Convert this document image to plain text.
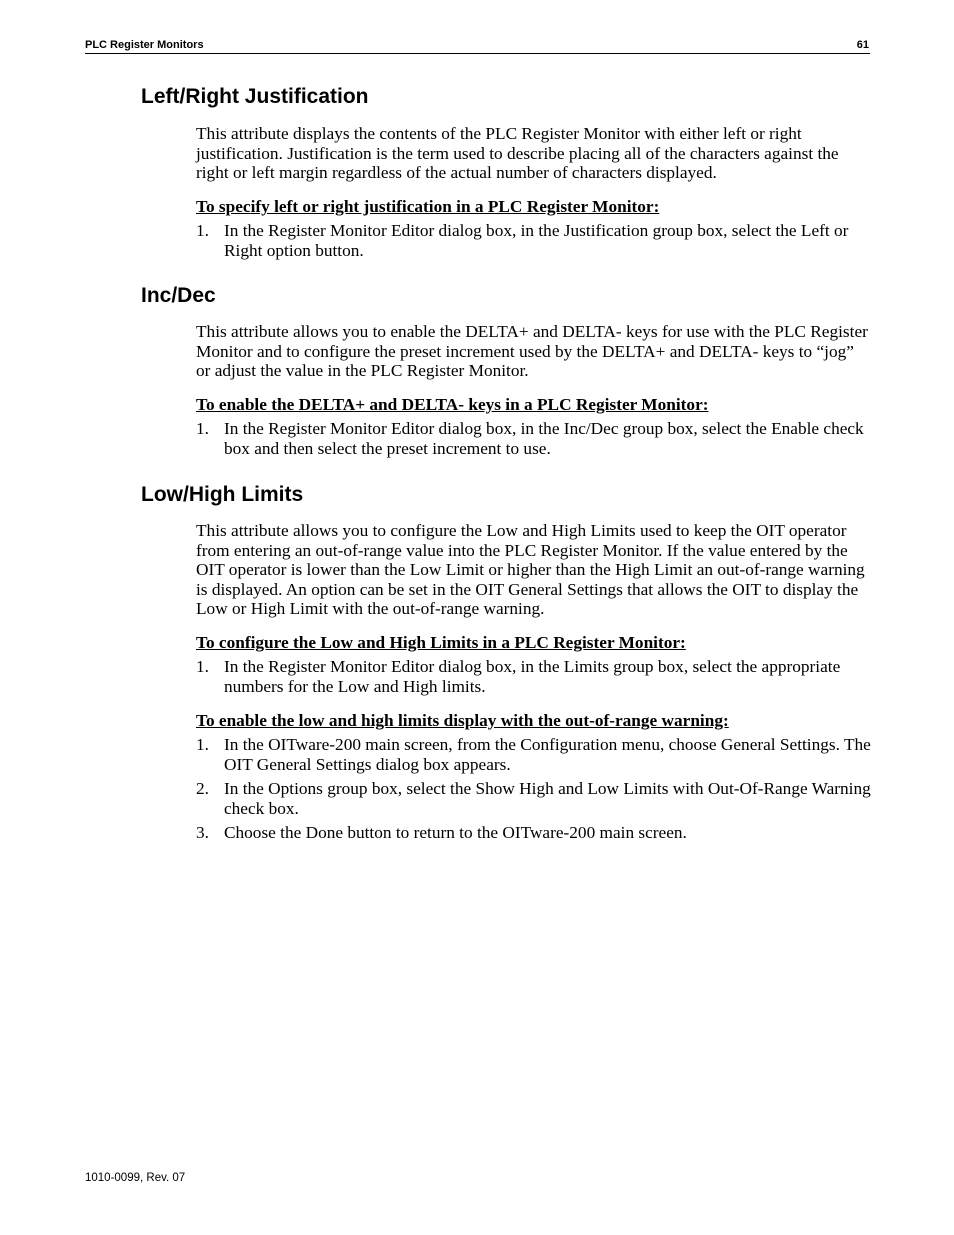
PLC Register Monitors	61
Left/Right Justification

This attribute displays the contents of the PLC Register Monitor with either left or right justification. Justification is the term used to describe placing all of the characters against the right or left margin regardless of the actual number of characters displayed.

To specify left or right justification in a PLC Register Monitor:
1. In the Register Monitor Editor dialog box, in the Justification group box, select the Left or Right option button.
Inc/Dec

This attribute allows you to enable the DELTA+ and DELTA- keys for use with the PLC Register Monitor and to configure the preset increment used by the DELTA+ and DELTA- keys to “jog” or adjust the value in the PLC Register Monitor.

To enable the DELTA+ and DELTA- keys in a PLC Register Monitor:
1. In the Register Monitor Editor dialog box, in the Inc/Dec group box, select the Enable check box and then select the preset increment to use.
Low/High Limits

This attribute allows you to configure the Low and High Limits used to keep the OIT operator from entering an out-of-range value into the PLC Register Monitor. If the value entered by the OIT operator is lower than the Low Limit or higher than the High Limit an out-of-range warning is displayed. An option can be set in the OIT General Settings that allows the OIT to display the Low or High Limit with the out-of-range warning.

To configure the Low and High Limits in a PLC Register Monitor:
1. In the Register Monitor Editor dialog box, in the Limits group box, select the appropriate numbers for the Low and High limits.
To enable the low and high limits display with the out-of-range warning:
1. In the OITware-200 main screen, from the Configuration menu, choose General Settings. The OIT General Settings dialog box appears.
2. In the Options group box, select the Show High and Low Limits with Out-Of-Range Warning check box.
3. Choose the Done button to return to the OITware-200 main screen.
1010-0099, Rev. 07
